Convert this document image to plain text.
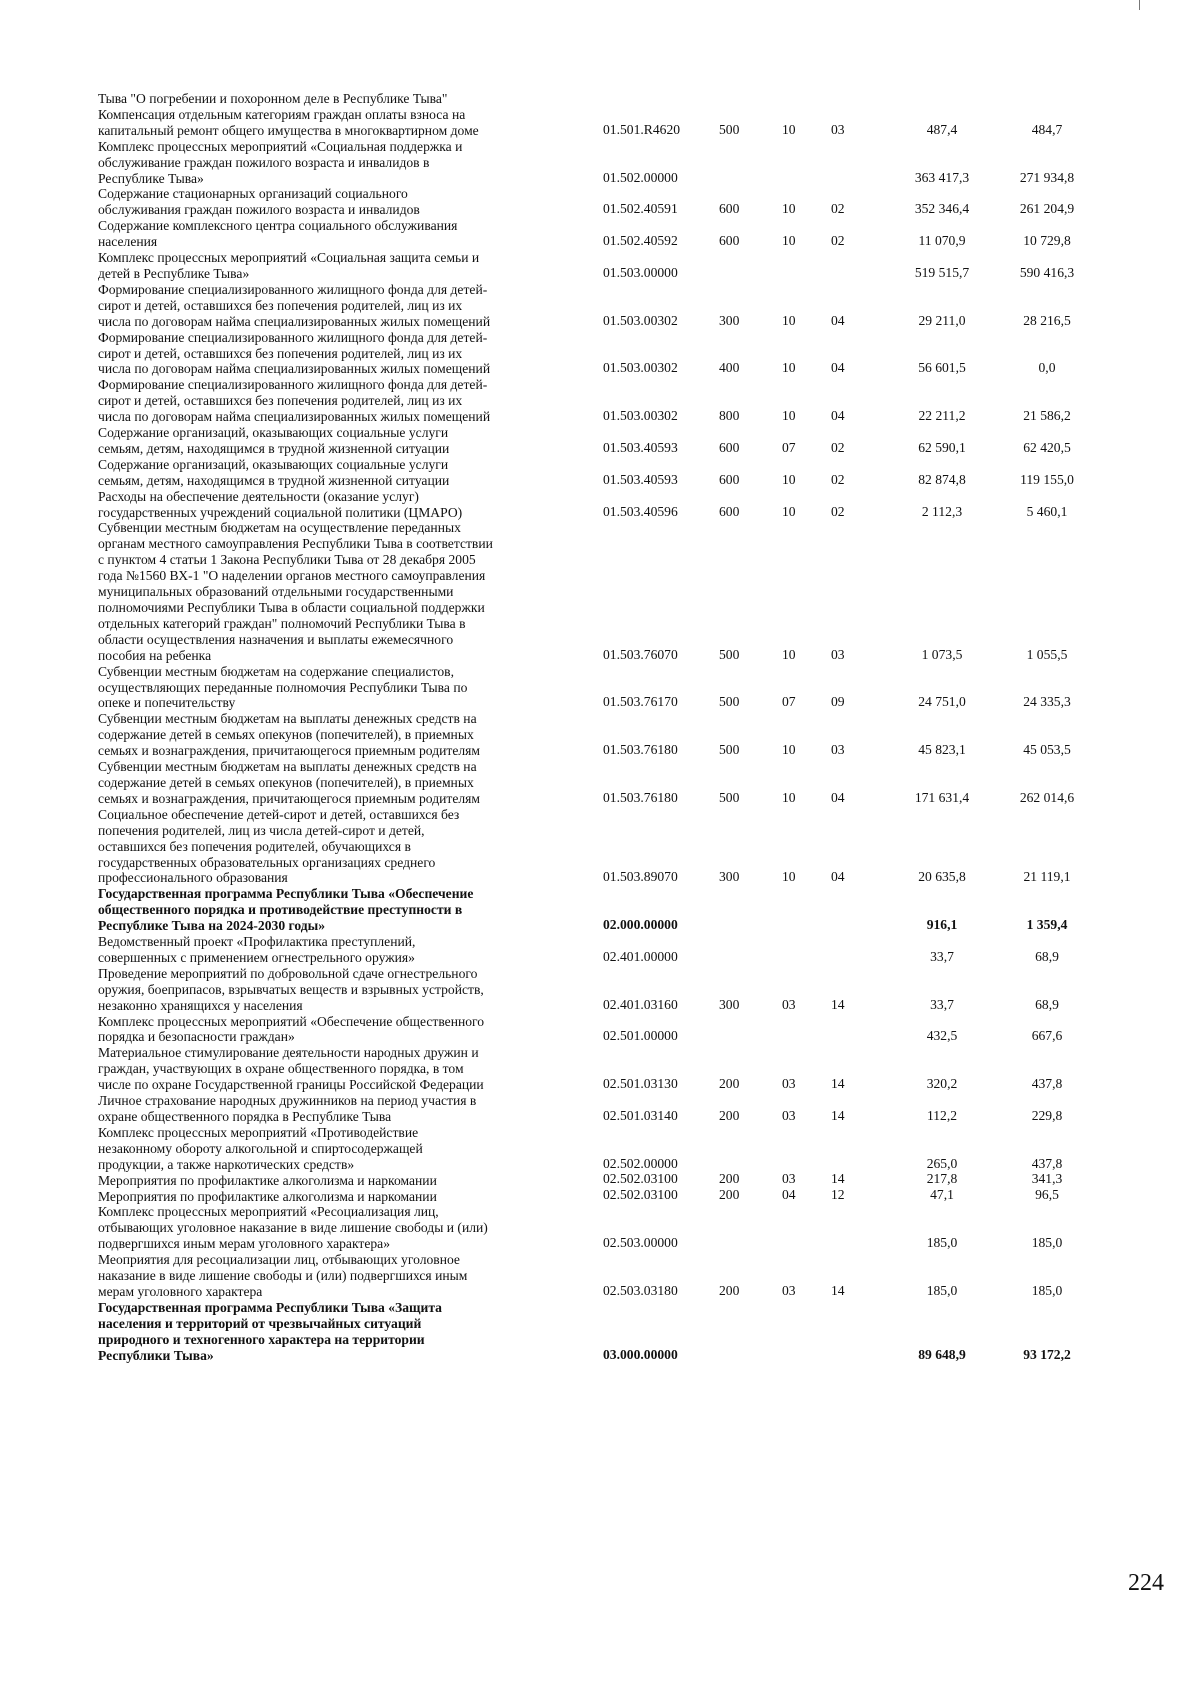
Тыва "О погребении и похоронном деле в Республике Тыва"

Компенсация отдельным категориям граждан оплаты взноса на
капитальный ремонт общего имущества в многоквартирном доме	01.501.R4620	500	10	03	487,4	484,7

Комплекс процессных мероприятий «Социальная поддержка и
обслуживание граждан пожилого возраста и инвалидов в
Республике Тыва»	01.502.00000	363 417,3	271 934,8

Содержание стационарных организаций социального
обслуживания граждан пожилого возраста и инвалидов	01.502.40591	600	10	02	352 346,4	261 204,9

Содержание комплексного центра социального обслуживания
населения	01.502.40592	600	10	02	11 070,9	10 729,8

Комплекс процессных мероприятий «Социальная защита семьи и
детей в Республике Тыва»	01.503.00000	519 515,7	590 416,3

Формирование специализированного жилищного фонда для детей-
сирот и детей, оставшихся без попечения родителей, лиц из их
числа по договорам найма специализированных жилых помещений	01.503.00302	300	10	04	29 211,0	28 216,5

Формирование специализированного жилищного фонда для детей-
сирот и детей, оставшихся без попечения родителей, лиц из их
числа по договорам найма специализированных жилых помещений	01.503.00302	400	10	04	56 601,5	0,0

Формирование специализированного жилищного фонда для детей-
сирот и детей, оставшихся без попечения родителей, лиц из их
числа по договорам найма специализированных жилых помещений	01.503.00302	800	10	04	22 211,2	21 586,2

Содержание организаций, оказывающих социальные услуги
семьям, детям, находящимся в трудной жизненной ситуации	01.503.40593	600	07	02	62 590,1	62 420,5

Содержание организаций, оказывающих социальные услуги
семьям, детям, находящимся в трудной жизненной ситуации	01.503.40593	600	10	02	82 874,8	119 155,0

Расходы на обеспечение деятельности (оказание услуг)
государственных учреждений социальной политики (ЦМАРО)	01.503.40596	600	10	02	2 112,3	5 460,1

Субвенции местным бюджетам на осуществление переданных
органам местного самоуправления Республики Тыва в соответствии
с пунктом 4 статьи 1 Закона Республики Тыва от 28 декабря 2005
года №1560 ВХ-1 "О наделении органов местного самоуправления
муниципальных образований отдельными государственными
полномочиями Республики Тыва в области социальной поддержки
отдельных категорий граждан" полномочий Республики Тыва в
области осуществления назначения и выплаты ежемесячного
пособия на ребенка	01.503.76070	500	10	03	1 073,5	1 055,5

Субвенции местным бюджетам на содержание специалистов,
осуществляющих переданные полномочия Республики Тыва по
опеке и попечительству	01.503.76170	500	07	09	24 751,0	24 335,3

Субвенции местным бюджетам на выплаты денежных средств на
содержание детей в семьях опекунов (попечителей), в приемных
семьях и вознаграждения, причитающегося приемным родителям	01.503.76180	500	10	03	45 823,1	45 053,5

Субвенции местным бюджетам на выплаты денежных средств на
содержание детей в семьях опекунов (попечителей), в приемных
семьях и вознаграждения, причитающегося приемным родителям	01.503.76180	500	10	04	171 631,4	262 014,6

Социальное обеспечение детей-сирот и детей, оставшихся без
попечения родителей, лиц из числа детей-сирот и детей,
оставшихся без попечения родителей, обучающихся в
государственных образовательных организациях среднего
профессионального образования	01.503.89070	300	10	04	20 635,8	21 119,1

Государственная программа Республики Тыва «Обеспечение
общественного порядка и противодействие преступности в
Республике Тыва на 2024-2030 годы»	02.000.00000	916,1	1 359,4

Ведомственный проект «Профилактика преступлений,
совершенных с применением огнестрельного оружия»	02.401.00000	33,7	68,9

Проведение мероприятий по добровольной сдаче огнестрельного
оружия, боеприпасов, взрывчатых веществ и взрывных устройств,
незаконно хранящихся у населения	02.401.03160	300	03	14	33,7	68,9

Комплекс процессных мероприятий «Обеспечение общественного
порядка и безопасности граждан»	02.501.00000	432,5	667,6

Материальное стимулирование деятельности народных дружин и
граждан, участвующих в охране общественного порядка, в том
числе по охране Государственной границы Российской Федерации	02.501.03130	200	03	14	320,2	437,8

Личное страхование народных дружинников на период участия в
охране общественного порядка в Республике Тыва	02.501.03140	200	03	14	112,2	229,8

Комплекс процессных мероприятий «Противодействие
незаконному обороту алкогольной и спиртосодержащей
продукции, а также наркотических средств»	02.502.00000	265,0	437,8

Мероприятия по профилактике алкоголизма и наркомании	02.502.03100	200	03	14	217,8	341,3

Мероприятия по профилактике алкоголизма и наркомании	02.502.03100	200	04	12	47,1	96,5

Комплекс процессных мероприятий «Ресоциализация лиц,
отбывающих уголовное наказание в виде лишение свободы и (или)
подвергшихся иным мерам уголовного характера»	02.503.00000	185,0	185,0

Меоприятия для ресоциализации лиц, отбывающих уголовное
наказание в виде лишение свободы и (или) подвергшихся иным
мерам уголовного характера	02.503.03180	200	03	14	185,0	185,0

Государственная программа Республики Тыва «Защита
населения и территорий от чрезвычайных ситуаций
природного и техногенного характера на территории
Республики Тыва»	03.000.00000	89 648,9	93 172,2
224
